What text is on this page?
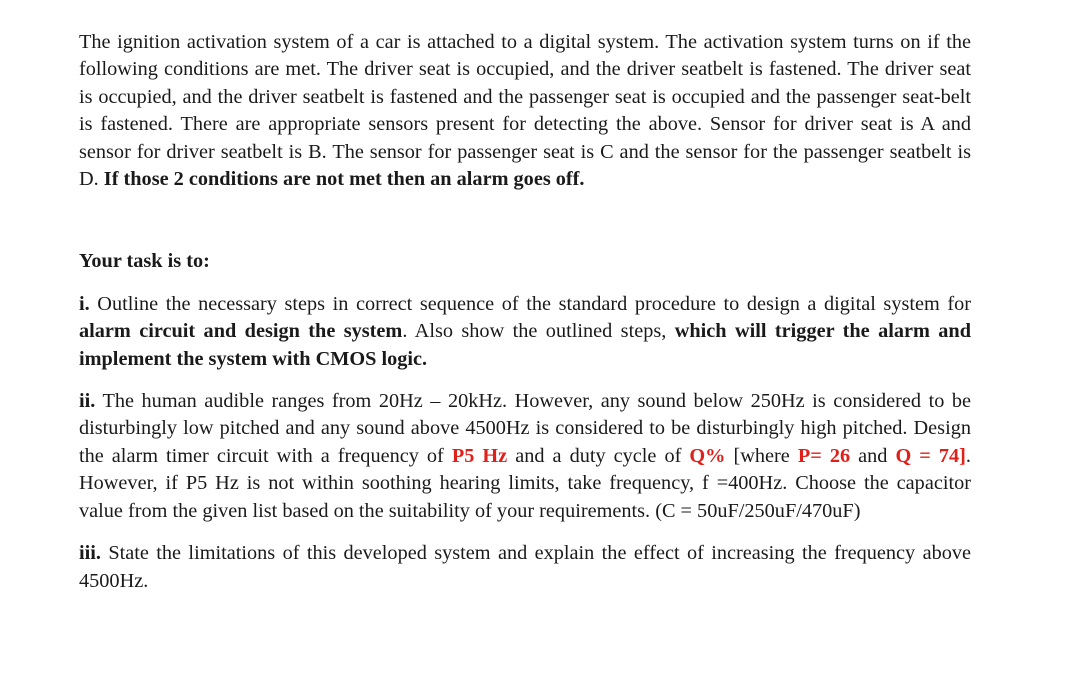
The ignition activation system of a car is attached to a digital system. The activation system turns on if the following conditions are met. The driver seat is occupied, and the driver seatbelt is fastened. The driver seat is occupied, and the driver seatbelt is fastened and the passenger seat is occupied and the passenger seat-belt is fastened. There are appropriate sensors present for detecting the above. Sensor for driver seat is A and sensor for driver seatbelt is B. The sensor for passenger seat is C and the sensor for the passenger seatbelt is D. If those 2 conditions are not met then an alarm goes off.

Your task is to:

i. Outline the necessary steps in correct sequence of the standard procedure to design a digital system for alarm circuit and design the system. Also show the outlined steps, which will trigger the alarm and implement the system with CMOS logic.

ii. The human audible ranges from 20Hz – 20kHz. However, any sound below 250Hz is considered to be disturbingly low pitched and any sound above 4500Hz is considered to be disturbingly high pitched. Design the alarm timer circuit with a frequency of P5 Hz and a duty cycle of Q% [where P= 26 and Q = 74]. However, if P5 Hz is not within soothing hearing limits, take frequency, f =400Hz. Choose the capacitor value from the given list based on the suitability of your requirements. (C = 50uF/250uF/470uF)

iii. State the limitations of this developed system and explain the effect of increasing the frequency above 4500Hz.
